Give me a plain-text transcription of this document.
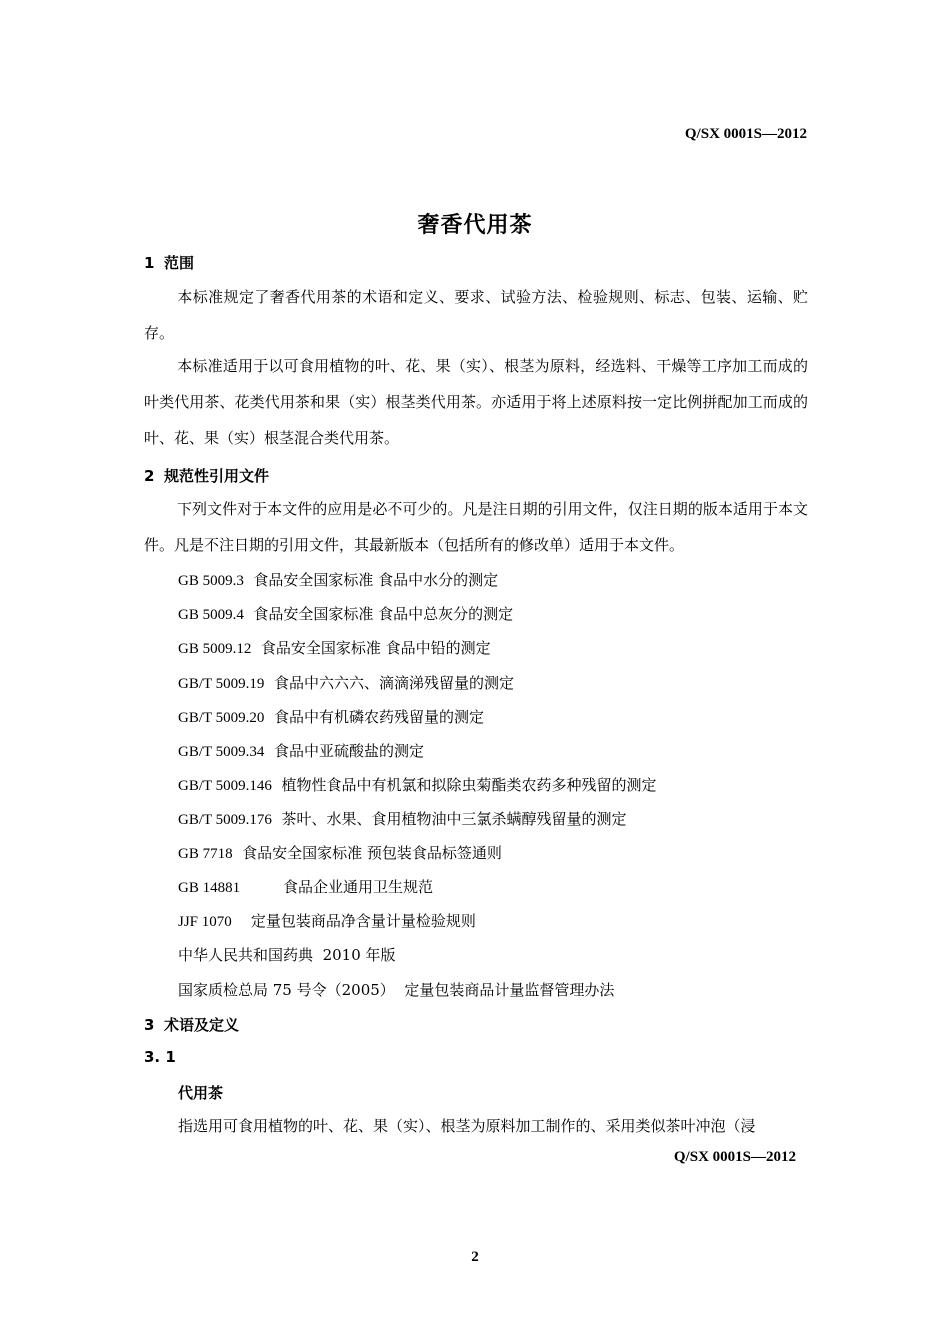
Q/SX 0001S—2012
奢香代用茶
1 范围
本标准规定了奢香代用茶的术语和定义、要求、试验方法、检验规则、标志、包装、运输、贮存。
本标准适用于以可食用植物的叶、花、果（实）、根茎为原料，经选料、干燥等工序加工而成的叶类代用茶、花类代用茶和果（实）根茎类代用茶。亦适用于将上述原料按一定比例拼配加工而成的叶、花、果（实）根茎混合类代用茶。
2 规范性引用文件
下列文件对于本文件的应用是必不可少的。凡是注日期的引用文件，仅注日期的版本适用于本文件。凡是不注日期的引用文件，其最新版本（包括所有的修改单）适用于本文件。
GB 5009.3 食品安全国家标准 食品中水分的测定
GB 5009.4 食品安全国家标准 食品中总灰分的测定
GB 5009.12 食品安全国家标准 食品中铅的测定
GB/T 5009.19 食品中六六六、滴滴涕残留量的测定
GB/T 5009.20 食品中有机磷农药残留量的测定
GB/T 5009.34 食品中亚硫酸盐的测定
GB/T 5009.146 植物性食品中有机氯和拟除虫菊酯类农药多种残留的测定
GB/T 5009.176 茶叶、水果、食用植物油中三氯杀螨醇残留量的测定
GB 7718 食品安全国家标准 预包装食品标签通则
GB 14881	食品企业通用卫生规范
JJF 1070 定量包装商品净含量计量检验规则
中华人民共和国药典 2010 年版
国家质检总局 75 号令（2005） 定量包装商品计量监督管理办法
3 术语及定义
3. 1
代用茶
指选用可食用植物的叶、花、果（实）、根茎为原料加工制作的、采用类似茶叶冲泡（浸
Q/SX 0001S—2012
2
